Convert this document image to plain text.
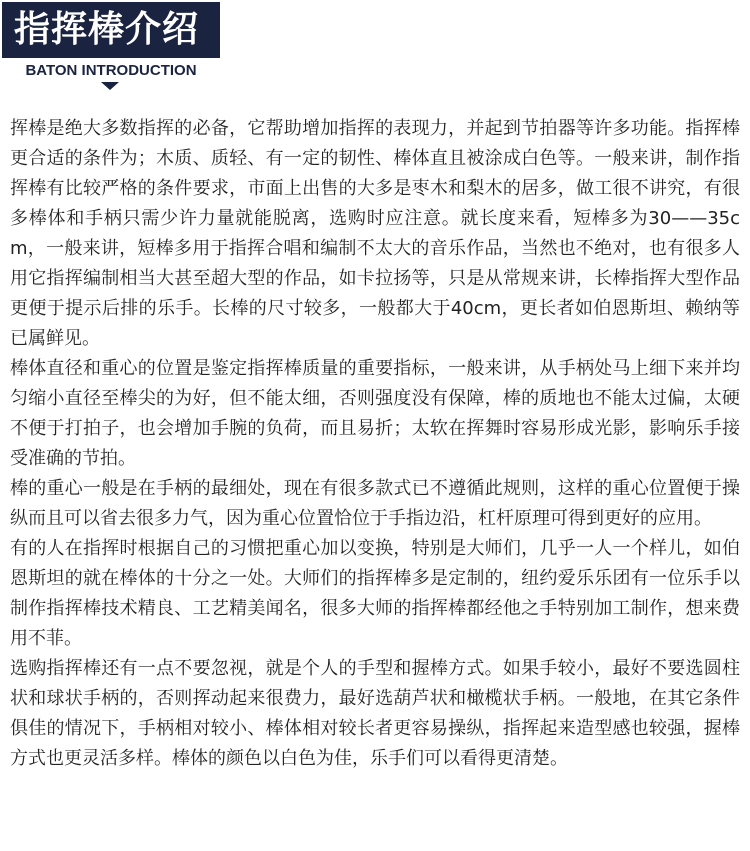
指挥棒介绍
BATON INTRODUCTION

挥棒是绝大多数指挥的必备，它帮助增加指挥的表现力，并起到节拍器等许多功能。指挥棒更合适的条件为；木质、质轻、有一定的韧性、棒体直且被涂成白色等。一般来讲，制作指挥棒有比较严格的条件要求，市面上出售的大多是枣木和梨木的居多，做工很不讲究，有很多棒体和手柄只需少许力量就能脱离，选购时应注意。就长度来看，短棒多为30——35cm，一般来讲，短棒多用于指挥合唱和编制不太大的音乐作品，当然也不绝对，也有很多人用它指挥编制相当大甚至超大型的作品，如卡拉扬等，只是从常规来讲，长棒指挥大型作品更便于提示后排的乐手。长棒的尺寸较多，一般都大于40cm，更长者如伯恩斯坦、赖纳等已属鲜见。

棒体直径和重心的位置是鉴定指挥棒质量的重要指标，一般来讲，从手柄处马上细下来并均匀缩小直径至棒尖的为好，但不能太细，否则强度没有保障，棒的质地也不能太过偏，太硬不便于打拍子，也会增加手腕的负荷，而且易折；太软在挥舞时容易形成光影，影响乐手接受准确的节拍。

棒的重心一般是在手柄的最细处，现在有很多款式已不遵循此规则，这样的重心位置便于操纵而且可以省去很多力气，因为重心位置恰位于手指边沿，杠杆原理可得到更好的应用。

有的人在指挥时根据自己的习惯把重心加以变换，特别是大师们，几乎一人一个样儿，如伯恩斯坦的就在棒体的十分之一处。大师们的指挥棒多是定制的，纽约爱乐乐团有一位乐手以制作指挥棒技术精良、工艺精美闻名，很多大师的指挥棒都经他之手特别加工制作，想来费用不菲。

选购指挥棒还有一点不要忽视，就是个人的手型和握棒方式。如果手较小，最好不要选圆柱状和球状手柄的，否则挥动起来很费力，最好选葫芦状和橄榄状手柄。一般地，在其它条件俱佳的情况下，手柄相对较小、棒体相对较长者更容易操纵，指挥起来造型感也较强，握棒方式也更灵活多样。棒体的颜色以白色为佳，乐手们可以看得更清楚。
